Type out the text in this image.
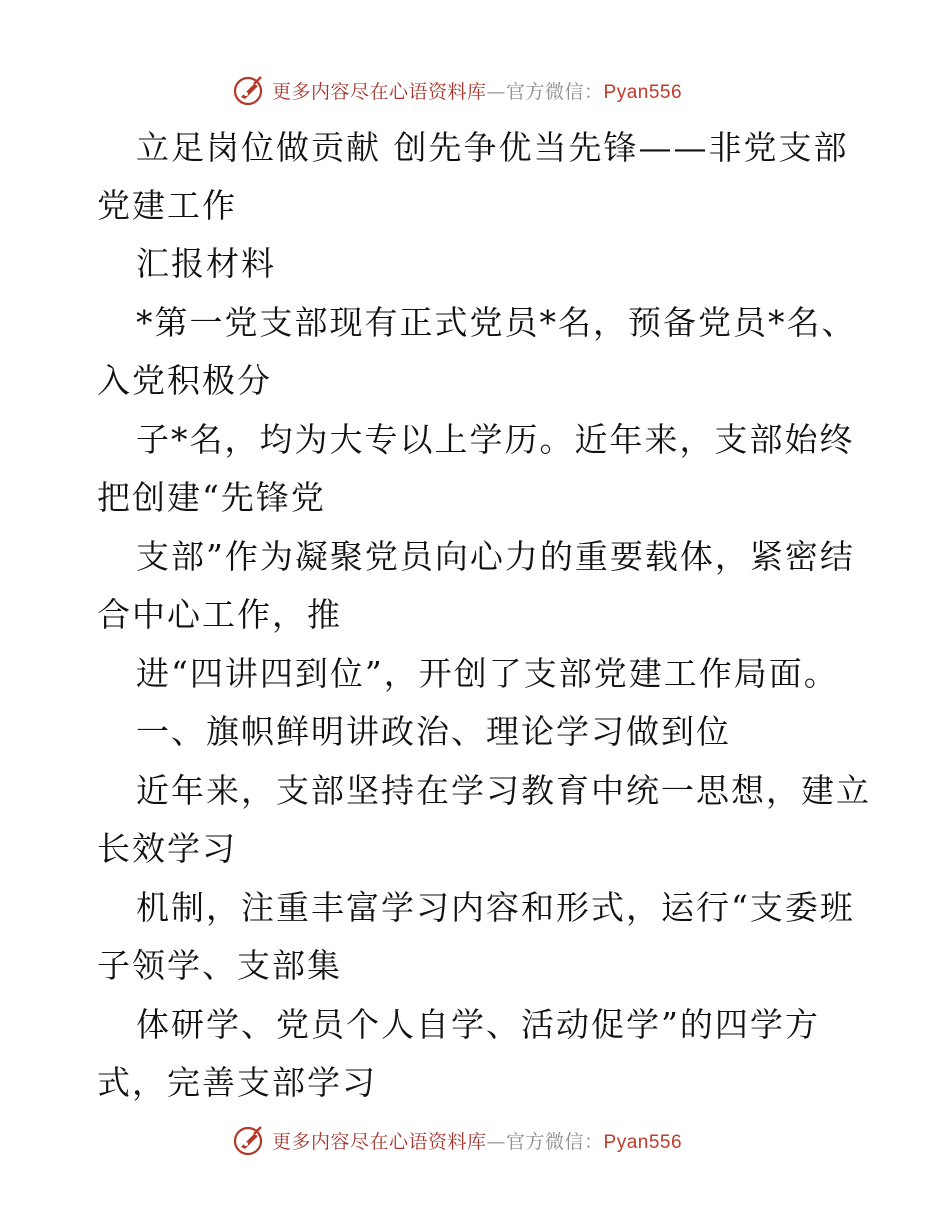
更多内容尽在心语资料库—官方微信：Pyan556
立足岗位做贡献 创先争优当先锋——非党支部
党建工作
汇报材料
*第一党支部现有正式党员*名，预备党员*名、
入党积极分
子*名，均为大专以上学历。近年来，支部始终
把创建“先锋党
支部”作为凝聚党员向心力的重要载体，紧密结
合中心工作，推
进“四讲四到位”，开创了支部党建工作局面。
一、旗帜鲜明讲政治、理论学习做到位
近年来，支部坚持在学习教育中统一思想，建立
长效学习
机制，注重丰富学习内容和形式，运行“支委班
子领学、支部集
体研学、党员个人自学、活动促学”的四学方
式，完善支部学习
更多内容尽在心语资料库—官方微信：Pyan556
